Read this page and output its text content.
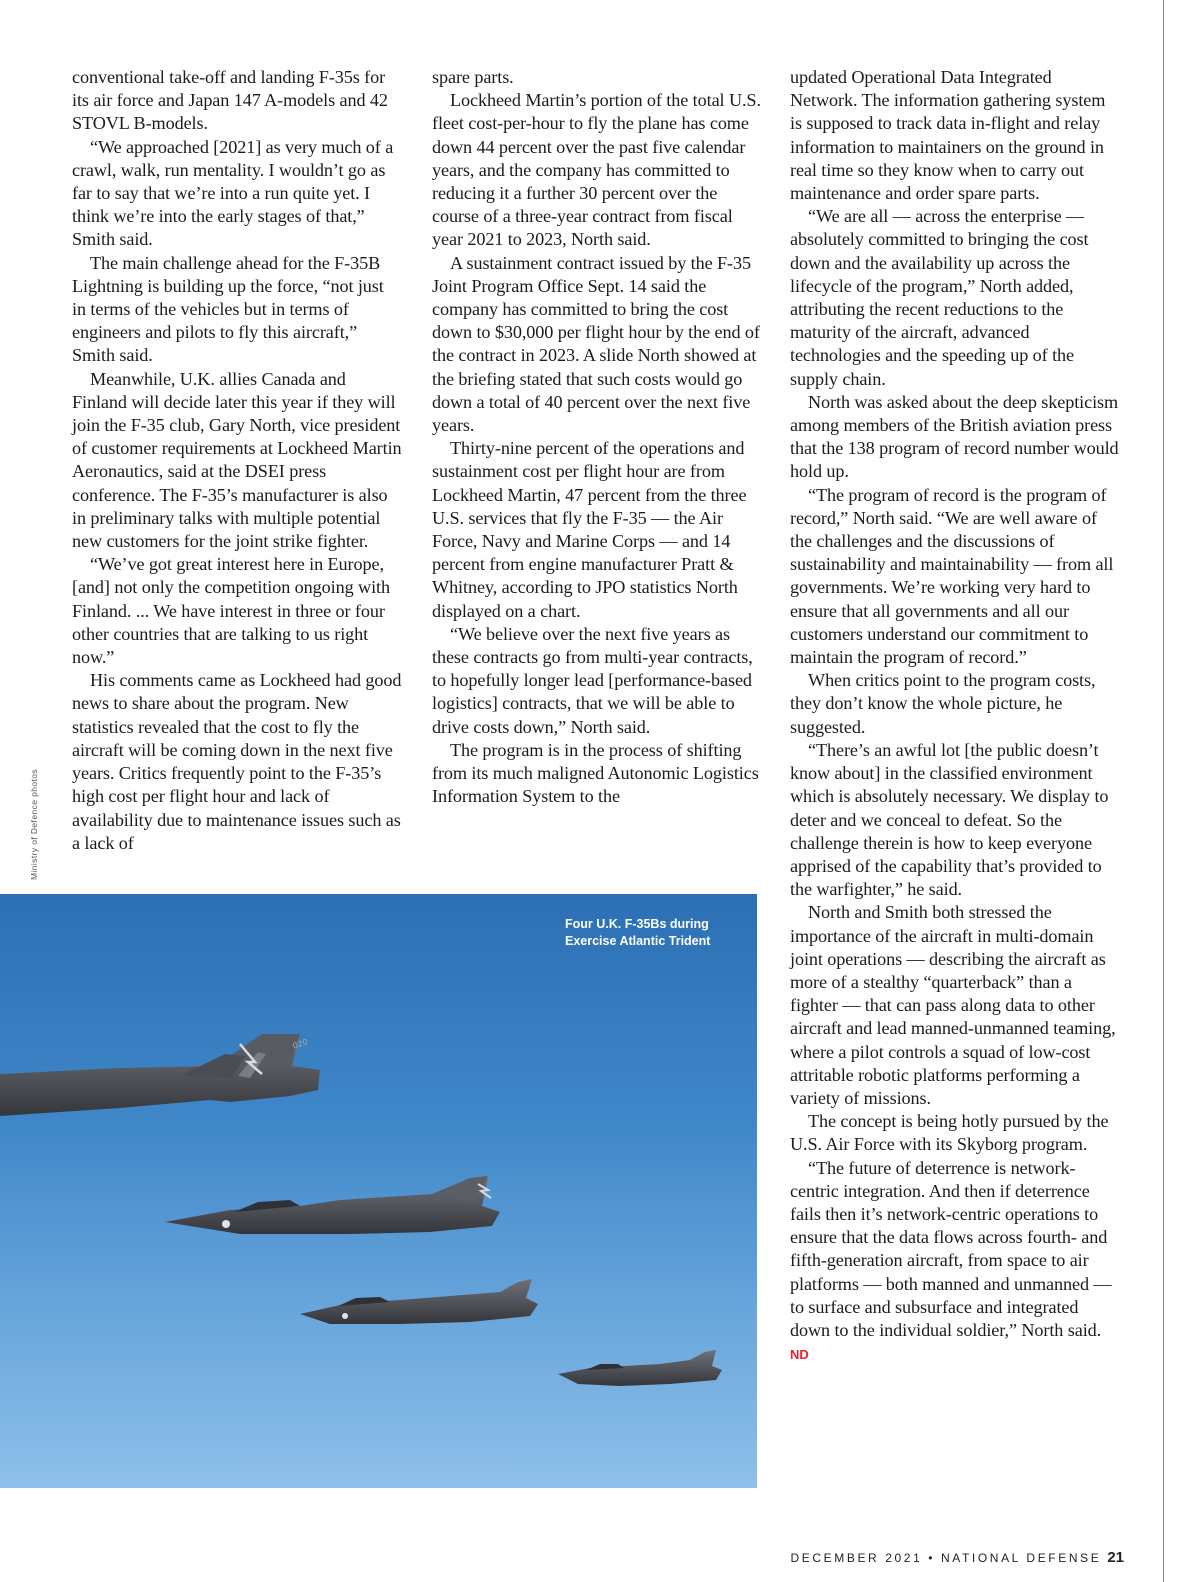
conventional take-off and landing F-35s for its air force and Japan 147 A-models and 42 STOVL B-models.

“We approached [2021] as very much of a crawl, walk, run mentality. I wouldn’t go as far to say that we’re into a run quite yet. I think we’re into the early stages of that,” Smith said.

The main challenge ahead for the F-35B Lightning is building up the force, “not just in terms of the vehicles but in terms of engineers and pilots to fly this aircraft,” Smith said.

Meanwhile, U.K. allies Canada and Finland will decide later this year if they will join the F-35 club, Gary North, vice president of customer requirements at Lockheed Martin Aeronautics, said at the DSEI press conference. The F-35’s manufacturer is also in preliminary talks with multiple potential new customers for the joint strike fighter.

“We’ve got great interest here in Europe, [and] not only the competition ongoing with Finland. ... We have interest in three or four other countries that are talking to us right now.”

His comments came as Lockheed had good news to share about the program. New statistics revealed that the cost to fly the aircraft will be coming down in the next five years. Critics frequently point to the F-35’s high cost per flight hour and lack of availability due to maintenance issues such as a lack of

spare parts.

Lockheed Martin’s portion of the total U.S. fleet cost-per-hour to fly the plane has come down 44 percent over the past five calendar years, and the company has committed to reducing it a further 30 percent over the course of a three-year contract from fiscal year 2021 to 2023, North said.

A sustainment contract issued by the F-35 Joint Program Office Sept. 14 said the company has committed to bring the cost down to $30,000 per flight hour by the end of the contract in 2023. A slide North showed at the briefing stated that such costs would go down a total of 40 percent over the next five years.

Thirty-nine percent of the operations and sustainment cost per flight hour are from Lockheed Martin, 47 percent from the three U.S. services that fly the F-35 — the Air Force, Navy and Marine Corps — and 14 percent from engine manufacturer Pratt & Whitney, according to JPO statistics North displayed on a chart.

“We believe over the next five years as these contracts go from multi-year contracts, to hopefully longer lead [performance-based logistics] contracts, that we will be able to drive costs down,” North said.

The program is in the process of shifting from its much maligned Autonomic Logistics Information System to the

updated Operational Data Integrated Network. The information gathering system is supposed to track data in-flight and relay information to maintainers on the ground in real time so they know when to carry out maintenance and order spare parts.

“We are all — across the enterprise — absolutely committed to bringing the cost down and the availability up across the lifecycle of the program,” North added, attributing the recent reductions to the maturity of the aircraft, advanced technologies and the speeding up of the supply chain.

North was asked about the deep skepticism among members of the British aviation press that the 138 program of record number would hold up.

“The program of record is the program of record,” North said. “We are well aware of the challenges and the discussions of sustainability and maintainability — from all governments. We’re working very hard to ensure that all governments and all our customers understand our commitment to maintain the program of record.”

When critics point to the program costs, they don’t know the whole picture, he suggested.

“There’s an awful lot [the public doesn’t know about] in the classified environment which is absolutely necessary. We display to deter and we conceal to defeat. So the challenge therein is how to keep everyone apprised of the capability that’s provided to the warfighter,” he said.

North and Smith both stressed the importance of the aircraft in multi-domain joint operations — describing the aircraft as more of a stealthy “quarterback” than a fighter — that can pass along data to other aircraft and lead manned-unmanned teaming, where a pilot controls a squad of low-cost attritable robotic platforms performing a variety of missions.

The concept is being hotly pursued by the U.S. Air Force with its Skyborg program.

“The future of deterrence is network-centric integration. And then if deterrence fails then it’s network-centric operations to ensure that the data flows across fourth- and fifth-generation aircraft, from space to air platforms — both manned and unmanned — to surface and subsurface and integrated down to the individual soldier,” North said. ND

Ministry of Defence photos
020
Four U.K. F-35Bs during Exercise Atlantic Trident
DECEMBER 2021 • NATIONAL DEFENSE 21
